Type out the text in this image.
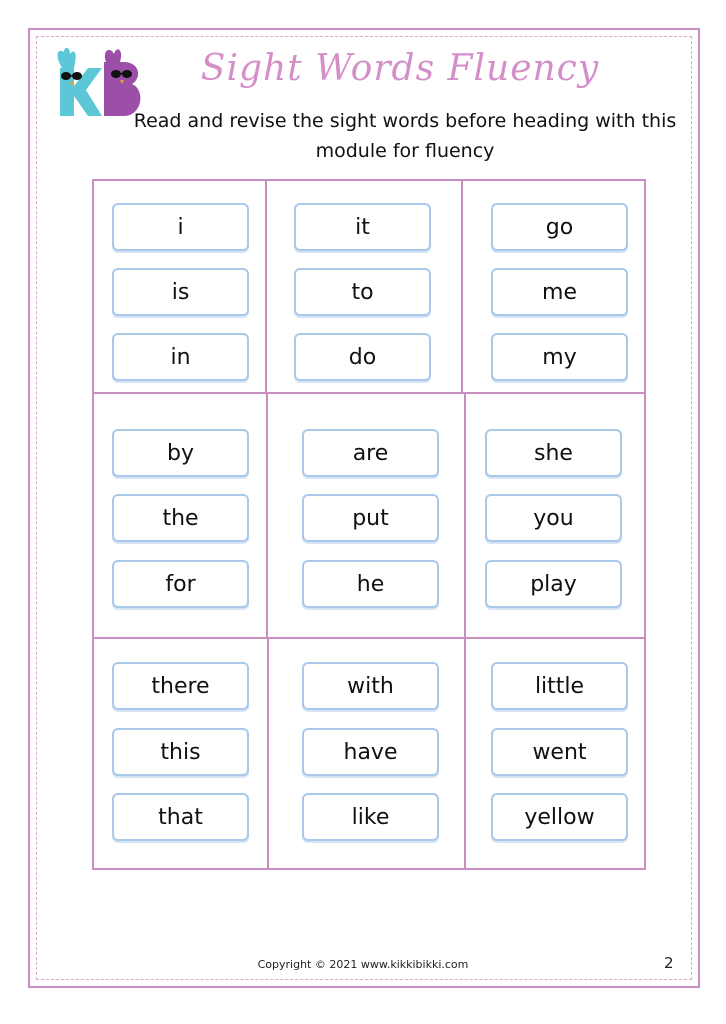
Sight Words Fluency
Read and revise the sight words before heading with this module for fluency
i
is
in
it
to
do
go
me
my
by
the
for
are
put
he
she
you
play
there
this
that
with
have
like
little
went
yellow
Copyright © 2021 www.kikkibikki.com	2
